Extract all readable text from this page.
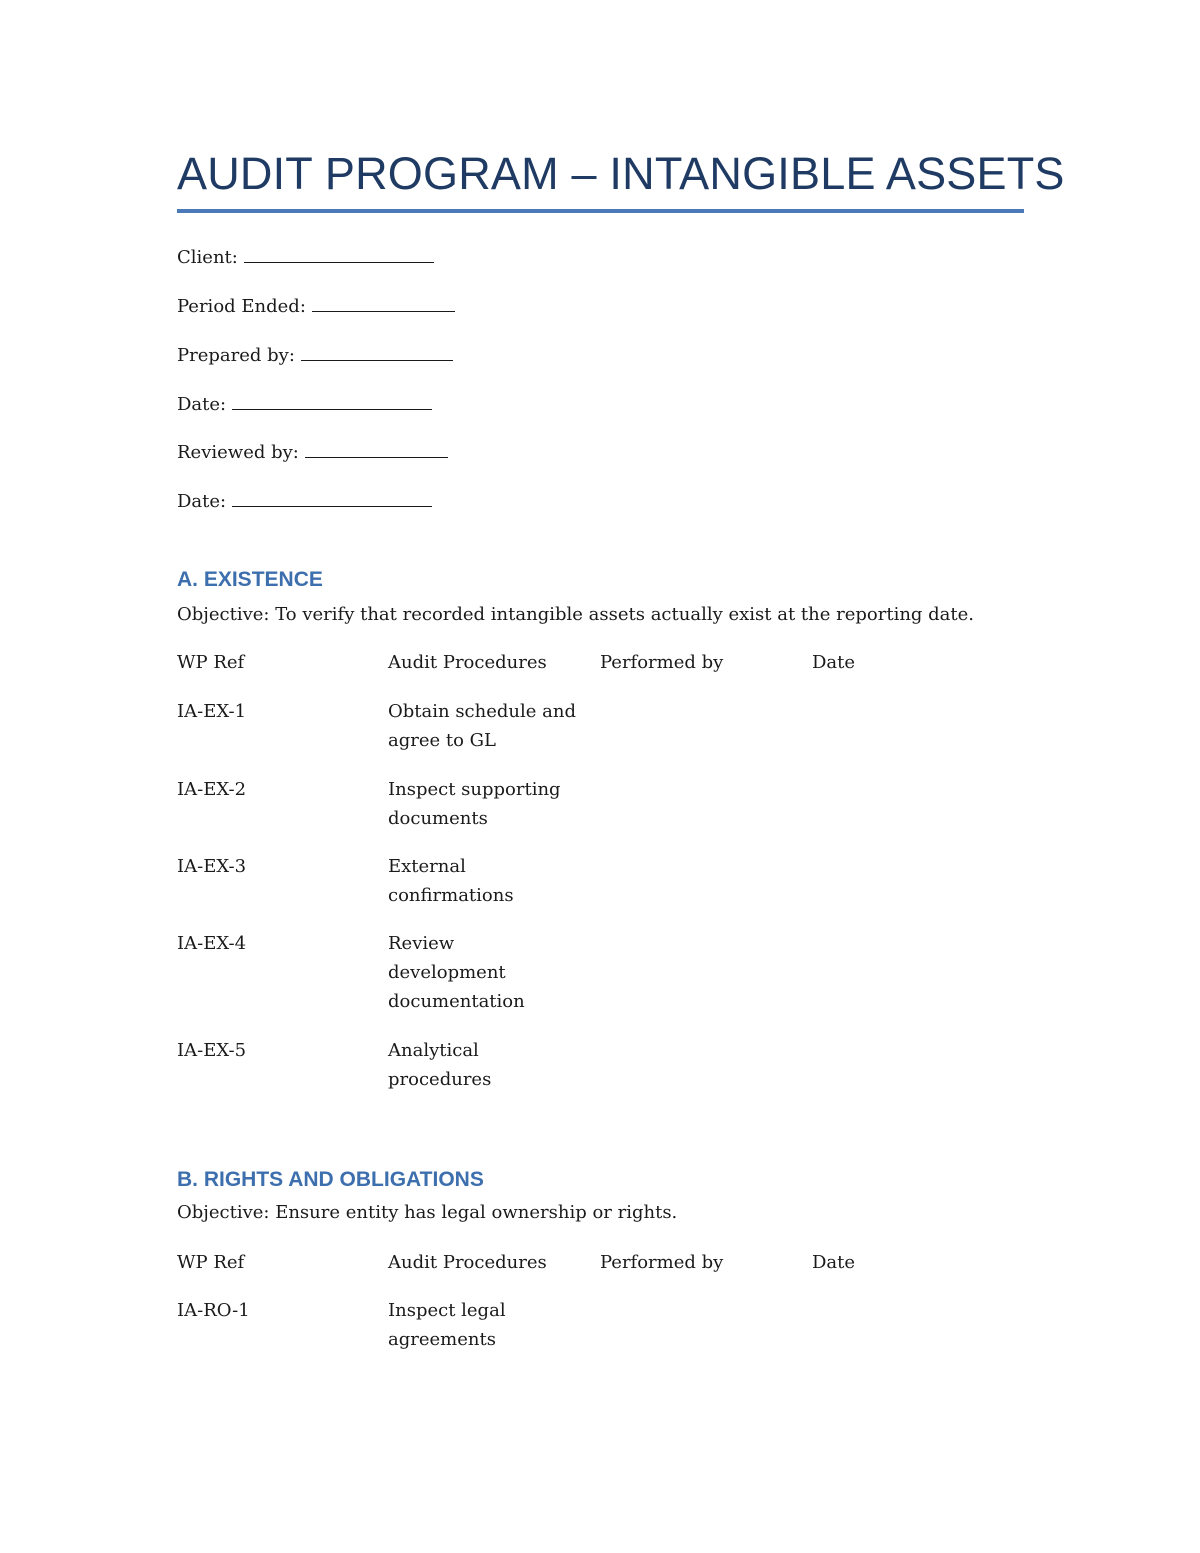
AUDIT PROGRAM – INTANGIBLE ASSETS
Client:
Period Ended:
Prepared by:
Date:
Reviewed by:
Date:
A. EXISTENCE
Objective: To verify that recorded intangible assets actually exist at the reporting date.
WP Ref	Audit Procedures	Performed by	Date
IA-EX-1	Obtain schedule and agree to GL
IA-EX-2	Inspect supporting documents
IA-EX-3	External confirmations
IA-EX-4	Review development documentation
IA-EX-5	Analytical procedures
B. RIGHTS AND OBLIGATIONS
Objective: Ensure entity has legal ownership or rights.
WP Ref	Audit Procedures	Performed by	Date
IA-RO-1	Inspect legal agreements
